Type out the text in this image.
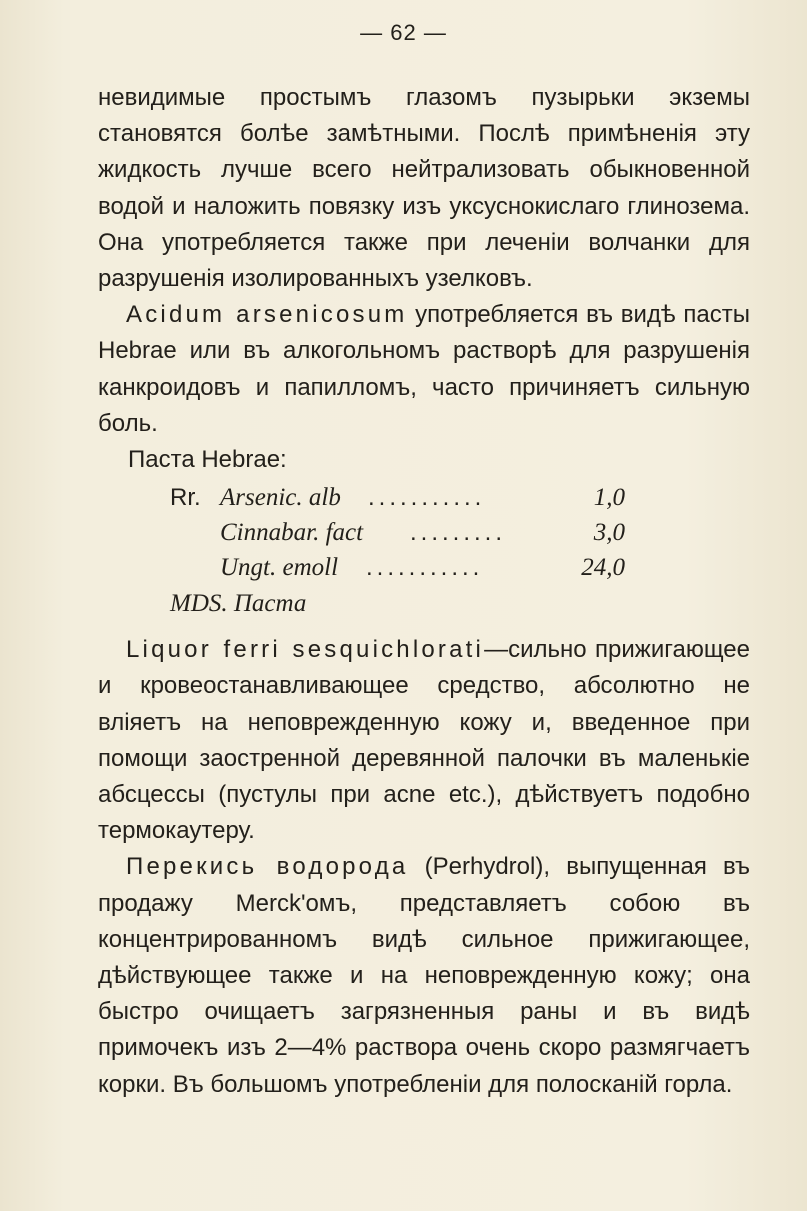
— 62 —

невидимые простымъ глазомъ пузырьки экземы становятся болѣе замѣтными. Послѣ примѣненія эту жидкость лучше всего нейтрализовать обыкновенной водой и наложить повязку изъ уксуснокислаго глинозема. Она употребляется также при леченіи волчанки для разрушенія изолированныхъ узелковъ.

Acidum arsenicosum употребляется въ видѣ пасты Hebrae или въ алкогольномъ растворѣ для разрушенія канкроидовъ и папилломъ, часто причиняетъ сильную боль.

Паста Hebrae:

Rr. Arsenic. alb ...........	1,0
Cinnabar. fact .........	3,0
Ungt. emoll ...........	24,0
MDS. Паста

Liquor ferri sesquichlorati—сильно прижигающее и кровеостанавливающее средство, абсолютно не вліяетъ на неповрежденную кожу и, введенное при помощи заостренной деревянной палочки въ маленькіе абсцессы (пустулы при acne etc.), дѣйствуетъ подобно термокаутеру.

Перекись водорода (Perhydrol), выпущенная въ продажу Merck'омъ, представляетъ собою въ концентрированномъ видѣ сильное прижигающее, дѣйствующее также и на неповрежденную кожу; она быстро очищаетъ загрязненныя раны и въ видѣ примочекъ изъ 2—4% раствора очень скоро размягчаетъ корки. Въ большомъ употребленіи для полосканій горла.
